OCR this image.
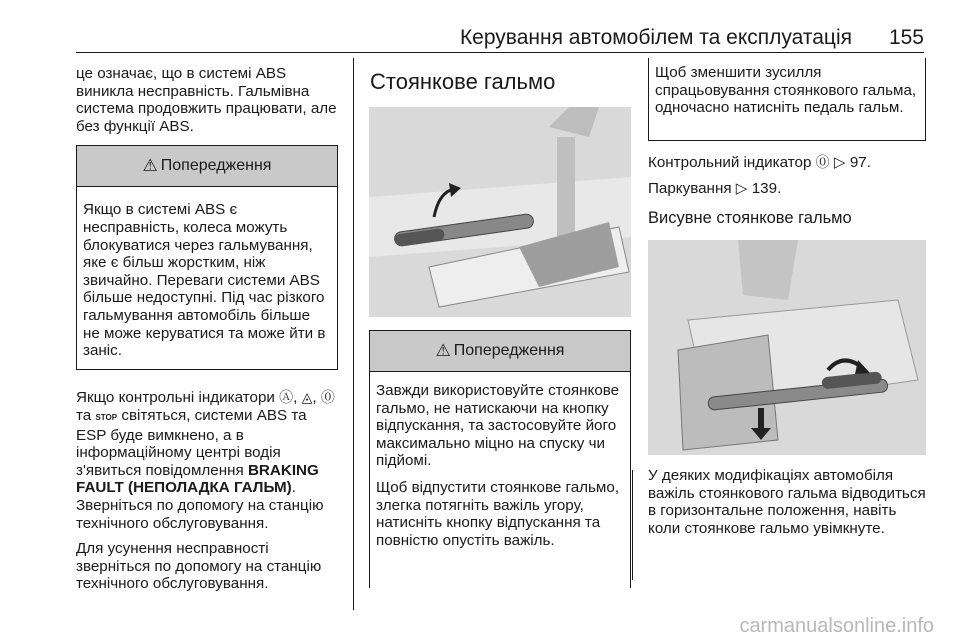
Керування автомобілем та експлуатація 155

це означає, що в системі ABS виникла несправність. Гальмівна система продовжить працювати, але без функції ABS.

⚠ Попередження

Якщо в системі ABS є несправність, колеса можуть блокуватися через гальмування, яке є більш жорстким, ніж звичайно. Переваги системи ABS більше недоступні. Під час різкого гальмування автомобіль більше не може керуватися та може йти в заніс.

Якщо контрольні індикатори Ⓐ, ◬, ⓪ та STOP світяться, системи ABS та ESP буде вимкнено, а в інформаційному центрі водія з'явиться повідомлення BRAKING FAULT (НЕПОЛАДКА ГАЛЬМ). Зверніться по допомогу на станцію технічного обслуговування.

Для усунення несправності зверніться по допомогу на станцію технічного обслуговування.

Стоянкове гальмо
⚠ Попередження

Завжди використовуйте стоянкове гальмо, не натискаючи на кнопку відпускання, та застосовуйте його максимально міцно на спуску чи підйомі.

Щоб відпустити стоянкове гальмо, злегка потягніть важіль угору, натисніть кнопку відпускання та повністю опустіть важіль.

Щоб зменшити зусилля спрацьовування стоянкового гальма, одночасно натисніть педаль гальм.

Контрольний індикатор ⓪ ▷ 97.

Паркування ▷ 139.

Висувне стоянкове гальмо

У деяких модифікаціях автомобіля важіль стоянкового гальма відводиться в горизонтальне положення, навіть коли стоянкове гальмо увімкнуте.

carmanualsonline.info
